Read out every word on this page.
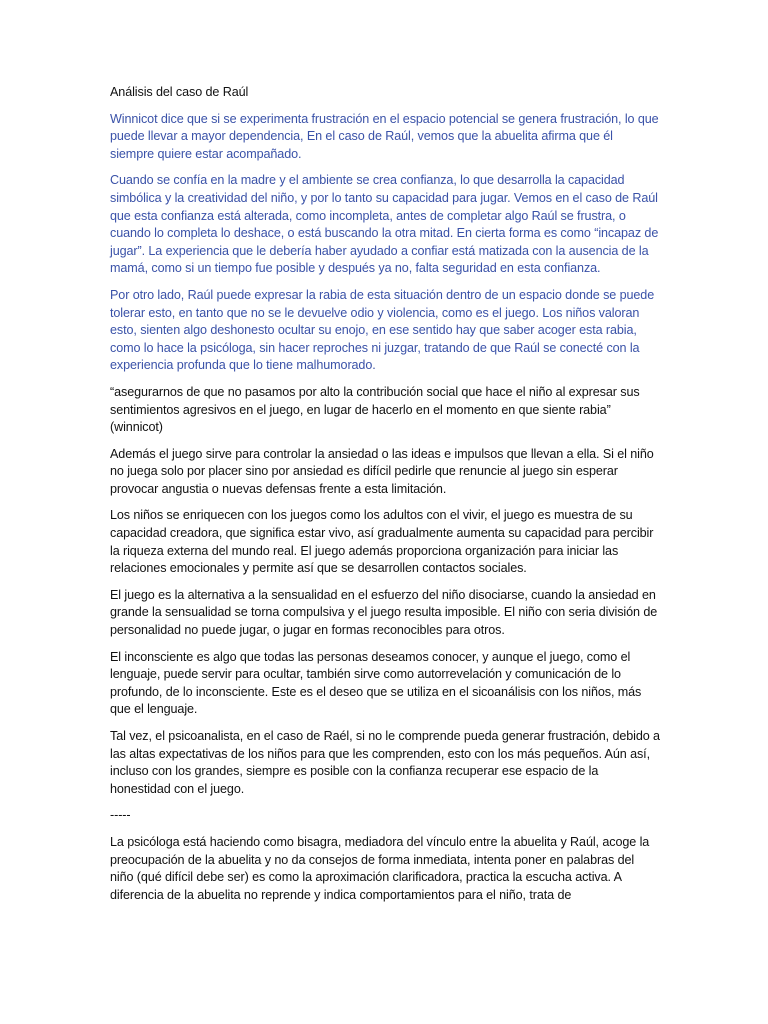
Análisis del caso de Raúl

Winnicot dice que si se experimenta frustración en el espacio potencial se genera frustración, lo que puede llevar a mayor dependencia, En el caso de Raúl, vemos que la abuelita afirma que él siempre quiere estar acompañado.

Cuando se confía en la madre y el ambiente se crea confianza, lo que desarrolla la capacidad simbólica y la creatividad del niño, y por lo tanto su capacidad para jugar. Vemos en el caso de Raúl que esta confianza está alterada, como incompleta, antes de completar algo Raúl se frustra, o cuando lo completa lo deshace, o está buscando la otra mitad. En cierta forma es como “incapaz de jugar”. La experiencia que le debería haber ayudado a confiar está matizada con la ausencia de la mamá, como si un tiempo fue posible y después ya no, falta seguridad en esta confianza.

Por otro lado, Raúl puede expresar la rabia de esta situación dentro de un espacio donde se puede tolerar esto, en tanto que no se le devuelve odio y violencia, como es el juego. Los niños valoran esto, sienten algo deshonesto ocultar su enojo, en ese sentido hay que saber acoger esta rabia, como lo hace la psicóloga, sin hacer reproches ni juzgar, tratando de que Raúl se conecté con la experiencia profunda que lo tiene malhumorado.

“asegurarnos de que no pasamos por alto la contribución social que hace el niño al expresar sus sentimientos agresivos en el juego, en lugar de hacerlo en el momento en que siente rabia” (winnicot)

Además el juego sirve para controlar la ansiedad o las ideas e impulsos que llevan a ella. Si el niño no juega solo por placer sino por ansiedad es difícil pedirle que renuncie al juego sin esperar provocar angustia o nuevas defensas frente a esta limitación.

Los niños se enriquecen con los juegos como los adultos con el vivir, el juego es muestra de su capacidad creadora, que significa estar vivo, así gradualmente aumenta su capacidad para percibir la riqueza externa del mundo real. El juego además proporciona organización para iniciar las relaciones emocionales y permite así que se desarrollen contactos sociales.

El juego es la alternativa a la sensualidad en el esfuerzo del niño disociarse, cuando la ansiedad en grande la sensualidad se torna compulsiva y el juego resulta imposible. El niño con seria división de personalidad no puede jugar, o jugar en formas reconocibles para otros.

El inconsciente es algo que todas las personas deseamos conocer, y aunque el juego, como el lenguaje, puede servir para ocultar, también sirve como autorrevelación y comunicación de lo profundo, de lo inconsciente. Este es el deseo que se utiliza en el sicoanálisis con los niños, más que el lenguaje.

Tal vez, el psicoanalista, en el caso de Raél, si no le comprende pueda generar frustración, debido a las altas expectativas de los niños para que les comprenden, esto con los más pequeños. Aún así, incluso con los grandes, siempre es posible con la confianza recuperar ese espacio de la honestidad con el juego.

-----

La psicóloga está haciendo como bisagra, mediadora del vínculo entre la abuelita y Raúl, acoge la preocupación de la abuelita y no da consejos de forma inmediata, intenta poner en palabras del niño (qué difícil debe ser) es como la aproximación clarificadora, practica la escucha activa. A diferencia de la abuelita no reprende y indica comportamientos para el niño, trata de
